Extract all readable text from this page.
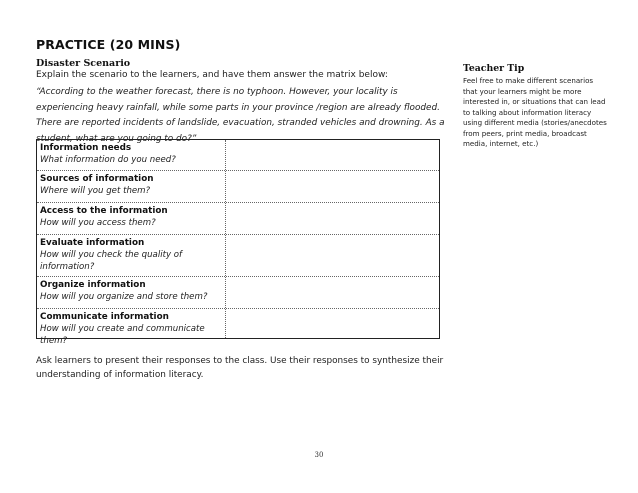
PRACTICE (20 MINS)
Disaster Scenario
Explain the scenario to the learners, and have them answer the matrix below:
“According to the weather forecast, there is no typhoon. However, your locality is experiencing heavy rainfall, while some parts in your province /region are already flooded. There are reported incidents of landslide, evacuation, stranded vehicles and drowning. As a student, what are you going to do?”
Information needs
What information do you need?
Sources of information
Where will you get them?
Access to the information
How will you access them?
Evaluate information
How will you check the quality of information?
Organize information
How will you organize and store them?
Communicate information
How will you create and communicate them?
Ask learners to present their responses to the class. Use their responses to synthesize their understanding of information literacy.
Teacher Tip
Feel free to make different scenarios that your learners might be more interested in, or situations that can lead to talking about information literacy using different media (stories/anecdotes from peers, print media, broadcast media, internet, etc.)
30
